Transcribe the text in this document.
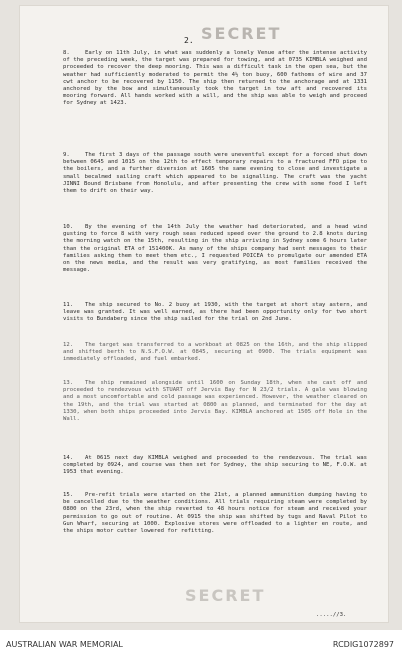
SECRET
2.
8.	Early on 11th July, in what was suddenly a lonely Venue after the intense activity of the preceding week, the target was prepared for towing, and at 0735 KIMBLA weighed and proceeded to recover the deep mooring. This was a difficult task in the open sea, but the weather had sufficiently moderated to permit the 4½ ton buoy, 600 fathoms of wire and 37 cwt anchor to be recovered by 1150. The ship then returned to the anchorage and at 1331 anchored by the bow and simultaneously took the target in tow aft and recovered its mooring forward. All hands worked with a will, and the ship was able to weigh and proceed for Sydney at 1423.
9.	The first 3 days of the passage south were uneventful except for a forced shut down between 0645 and 1015 on the 12th to effect temporary repairs to a fractured FFO pipe to the boilers, and a further diversion at 1605 the same evening to close and investigate a small becalmed sailing craft which appeared to be signalling. The craft was the yacht JINNI Bound Brisbane from Honolulu, and after presenting the crew with some food I left them to drift on their way.
10. By the evening of the 14th July the weather had deteriorated, and a head wind gusting to force 8 with very rough seas reduced speed over the ground to 2.8 knots during the morning watch on the 15th, resulting in the ship arriving in Sydney some 6 hours later than the original ETA of 151400K. As many of the ships company had sent messages to their families asking them to meet them etc., I requested POICEA to promulgate our amended ETA on the news media, and the result was very gratifying, as most families received the message.
11. The ship secured to No. 2 buoy at 1930, with the target at short stay astern, and leave was granted. It was well earned, as there had been opportunity only for two short visits to Bundaberg since the ship sailed for the trial on 2nd June.
12. The target was transferred to a workboat at 0825 on the 16th, and the ship slipped and shifted berth to N.S.F.O.W. at 0845, securing at 0900. The trials equipment was immediately offloaded, and fuel embarked.
13. The ship remained alongside until 1600 on Sunday 18th, when she cast off and proceeded to rendezvous with STUART off Jervis Bay for N 23/2 trials. A gale was blowing and a most uncomfortable and cold passage was experienced. However, the weather cleared on the 19th, and the trial was started at 0800 as planned, and terminated for the day at 1330, when both ships proceeded into Jervis Bay. KIMBLA anchored at 1505 off Hole in the Wall.
14. At 0615 next day KIMBLA weighed and proceeded to the rendezvous. The trial was completed by 0924, and course was then set for Sydney, the ship securing to NE, F.O.W. at 1953 that evening.
15. Pre-refit trials were started on the 21st, a planned ammunition dumping having to be cancelled due to the weather conditions. All trials requiring steam were completed by 0800 on the 23rd, when the ship reverted to 48 hours notice for steam and received your permission to go out of routine. At 0915 the ship was shifted by tugs and Naval Pilot to Gun Wharf, securing at 1000. Explosive stores were offloaded to a lighter en route, and the ships motor cutter lowered for refitting.
SECRET
.....//3.
AUSTRALIAN WAR MEMORIAL	RCDIG1072897
